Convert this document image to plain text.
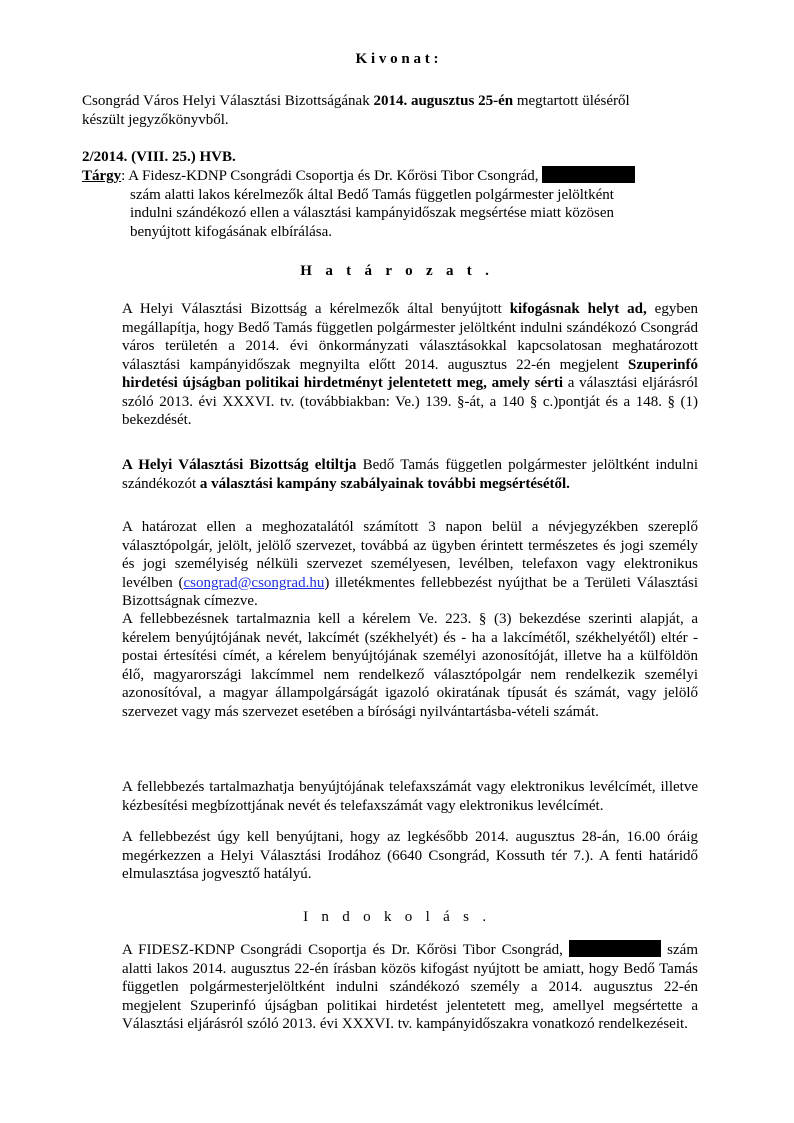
K i v o n a t :

Csongrád Város Helyi Választási Bizottságának 2014. augusztus 25-én megtartott üléséről
készült jegyzőkönyvből.

2/2014. (VIII. 25.) HVB.
Tárgy: A Fidesz-KDNP Csongrádi Csoportja és Dr. Kőrösi Tibor Csongrád,
szám alatti lakos kérelmezők által Bedő Tamás független polgármester jelöltként
indulni szándékozó ellen a választási kampányidőszak megsértése miatt közösen
benyújtott kifogásának elbírálása.
H a t á r o z a t .

A Helyi Választási Bizottság a kérelmezők által benyújtott kifogásnak helyt ad, egyben megállapítja, hogy Bedő Tamás független polgármester jelöltként indulni szándékozó Csongrád város területén a 2014. évi önkormányzati választásokkal kapcsolatosan meghatározott választási kampányidőszak megnyilta előtt 2014. augusztus 22-én megjelent Szuperinfó hirdetési újságban politikai hirdetményt jelentetett meg, amely sérti a választási eljárásról szóló 2013. évi XXXVI. tv. (továbbiakban: Ve.) 139. §-át, a 140 § c.)pontját és a 148. § (1) bekezdését.

A Helyi Választási Bizottság eltiltja Bedő Tamás független polgármester jelöltként indulni szándékozót a választási kampány szabályainak további megsértésétől.

A határozat ellen a meghozatalától számított 3 napon belül a névjegyzékben szereplő választópolgár, jelölt, jelölő szervezet, továbbá az ügyben érintett természetes és jogi személy és jogi személyiség nélküli szervezet személyesen, levélben, telefaxon vagy elektronikus levélben (csongrad@csongrad.hu) illetékmentes fellebbezést nyújthat be a Területi Választási Bizottságnak címezve.

A fellebbezésnek tartalmaznia kell a kérelem Ve. 223. § (3) bekezdése szerinti alapját, a kérelem benyújtójának nevét, lakcímét (székhelyét) és - ha a lakcímétől, székhelyétől) eltér - postai értesítési címét, a kérelem benyújtójának személyi azonosítóját, illetve ha a külföldön élő, magyarországi lakcímmel nem rendelkező választópolgár nem rendelkezik személyi azonosítóval, a magyar állampolgárságát igazoló okiratának típusát és számát, vagy jelölő szervezet vagy más szervezet esetében a bírósági nyilvántartásba-vételi számát.
A fellebbezés tartalmazhatja benyújtójának telefaxszámát vagy elektronikus levélcímét, illetve kézbesítési megbízottjának nevét és telefaxszámát vagy elektronikus levélcímét.
A fellebbezést úgy kell benyújtani, hogy az legkésőbb 2014. augusztus 28-án, 16.00 óráig megérkezzen a Helyi Választási Irodához (6640 Csongrád, Kossuth tér 7.). A fenti határidő elmulasztása jogvesztő hatályú.
I n d o k o l á s .

A FIDESZ-KDNP Csongrádi Csoportja és Dr. Kőrösi Tibor Csongrád,	szám alatti lakos 2014. augusztus 22-én írásban közös kifogást nyújtott be amiatt, hogy Bedő Tamás független polgármesterjelöltként indulni szándékozó személy a 2014. augusztus 22-én megjelent Szuperinfó újságban politikai hirdetést jelentetett meg, amellyel megsértette a Választási eljárásról szóló 2013. évi XXXVI. tv. kampányidőszakra vonatkozó rendelkezéseit.
